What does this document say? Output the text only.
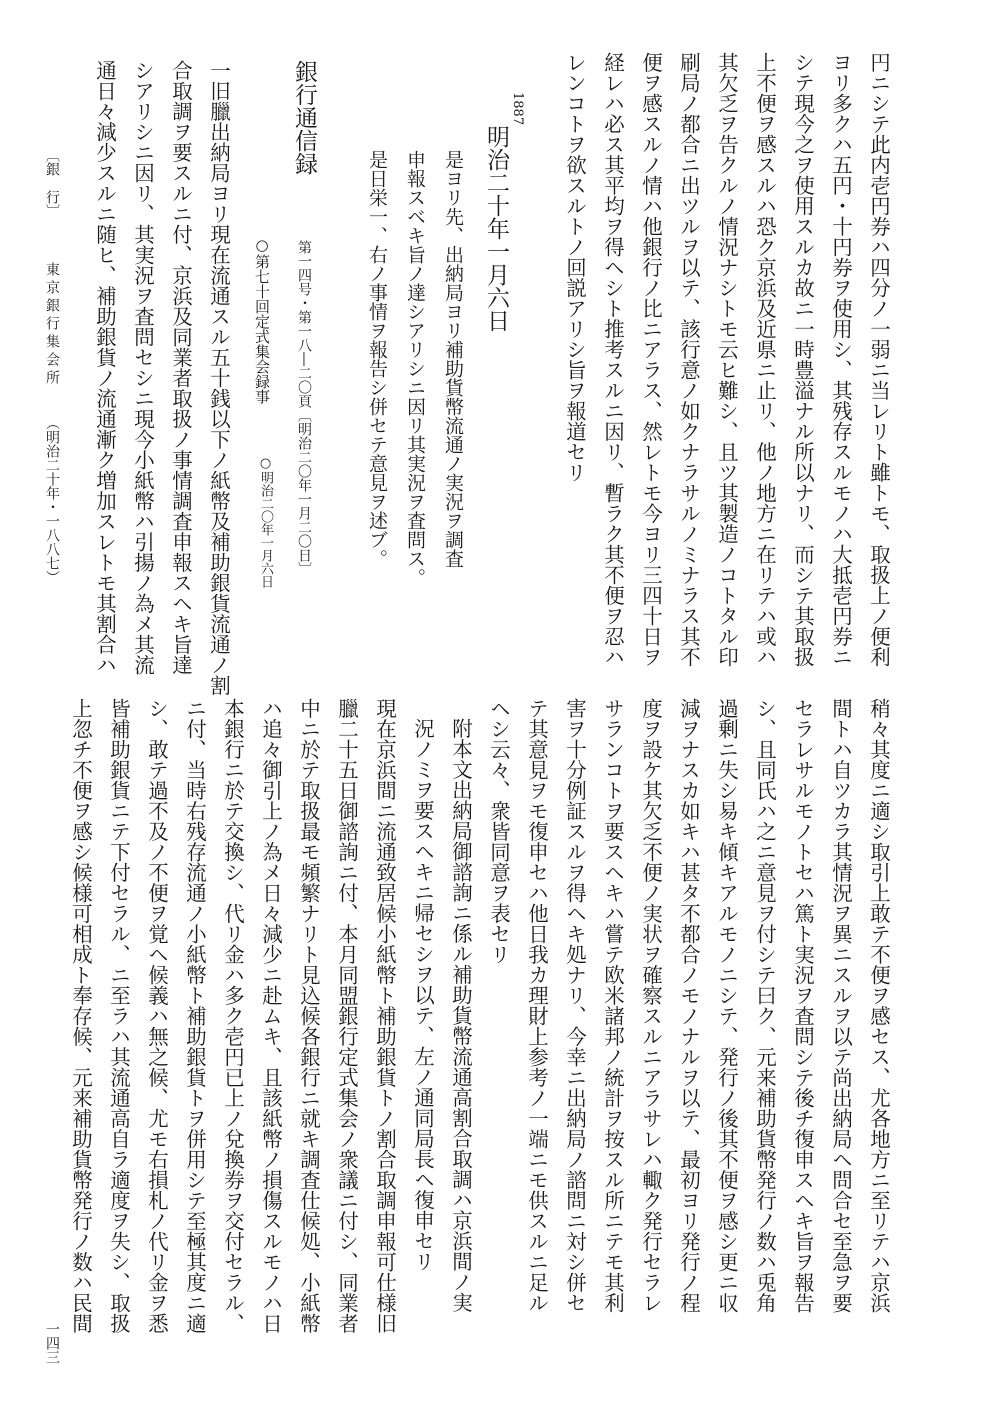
円ニシテ此内壱円券ハ四分ノ一弱ニ当レリト雖トモ、取扱上ノ便利
ヨリ多クハ五円・十円券ヲ使用シ、其残存スルモノハ大抵壱円券ニ
シテ現今之ヲ使用スルカ故ニ一時豊溢ナル所以ナリ、而シテ其取扱
上不便ヲ感スルハ恐ク京浜及近県ニ止リ、他ノ地方ニ在リテハ或ハ
其欠乏ヲ告クルノ情況ナシトモ云ヒ難シ、且ツ其製造ノコトタル印
刷局ノ都合ニ出ツルヲ以テ、該行意ノ如クナラサルノミナラス其不
便ヲ感スルノ情ハ他銀行ノ比ニアラス、然レトモ今ヨリ三四十日ヲ
経レハ必ス其平均ヲ得ヘシト推考スルニ因リ、暫ラク其不便ヲ忍ハ
レンコトヲ欲スルトノ回説アリシ旨ヲ報道セリ
1887
明治二十年一月六日
是ヨリ先、出納局ヨリ補助貨幣流通ノ実況ヲ調査
申報スベキ旨ノ達シアリシニ因リ其実況ヲ査問ス。
是日栄一、右ノ事情ヲ報告シ併セテ意見ヲ述ブ。
銀行通信録
第一四号・第一八―二〇頁〔明治二〇年一月二〇日〕
○第七十回定式集会録事
○明治二〇年一月六日
一旧臘出納局ヨリ現在流通スル五十銭以下ノ紙幣及補助銀貨流通ノ割
合取調ヲ要スルニ付、京浜及同業者取扱ノ事情調査申報スヘキ旨達
シアリシニ因リ、其実況ヲ査問セシニ現今小紙幣ハ引揚ノ為メ其流
通日々減少スルニ随ヒ、補助銀貨ノ流通漸ク増加スレトモ其割合ハ
〔銀　行〕
東京銀行集会所
（明治二十年・一八八七）
稍々其度ニ適シ取引上敢テ不便ヲ感セス、尤各地方ニ至リテハ京浜
間トハ自ツカラ其情況ヲ異ニスルヲ以テ尚出納局ヘ問合セ至急ヲ要
セラレサルモノトセハ篤ト実況ヲ査問シテ後チ復申スヘキ旨ヲ報告
シ、且同氏ハ之ニ意見ヲ付シテ曰ク、元来補助貨幣発行ノ数ハ兎角
過剰ニ失シ易キ傾キアルモノニシテ、発行ノ後其不便ヲ感シ更ニ収
減ヲナスカ如キハ甚タ不都合ノモノナルヲ以テ、最初ヨリ発行ノ程
度ヲ設ケ其欠乏不便ノ実状ヲ確察スルニアラサレハ輙ク発行セラレ
サランコトヲ要スヘキハ嘗テ欧米諸邦ノ統計ヲ按スル所ニテモ其利
害ヲ十分例証スルヲ得ヘキ処ナリ、今幸ニ出納局ノ諮問ニ対シ併セ
テ其意見ヲモ復申セハ他日我カ理財上参考ノ一端ニモ供スルニ足ル
ヘシ云々、衆皆同意ヲ表セリ
附本文出納局御諮詢ニ係ル補助貨幣流通高割合取調ハ京浜間ノ実
況ノミヲ要スヘキニ帰セシヲ以テ、左ノ通同局長ヘ復申セリ
現在京浜間ニ流通致居候小紙幣ト補助銀貨トノ割合取調申報可仕様旧
臘二十五日御諮詢ニ付、本月同盟銀行定式集会ノ衆議ニ付シ、同業者
中ニ於テ取扱最モ頻繁ナリト見込候各銀行ニ就キ調査仕候処、小紙幣
ハ追々御引上ノ為メ日々減少ニ赴ムキ、且該紙幣ノ損傷スルモノハ日
本銀行ニ於テ交換シ、代リ金ハ多ク壱円已上ノ兌換券ヲ交付セラル、
ニ付、当時右残存流通ノ小紙幣ト補助銀貨トヲ併用シテ至極其度ニ適
シ、敢テ過不及ノ不便ヲ覚ヘ候義ハ無之候、尤モ右損札ノ代リ金ヲ悉
皆補助銀貨ニテ下付セラル、ニ至ラハ其流通高自ラ適度ヲ失シ、取扱
上忽チ不便ヲ感シ候様可相成ト奉存候、元来補助貨幣発行ノ数ハ民間
一四三
